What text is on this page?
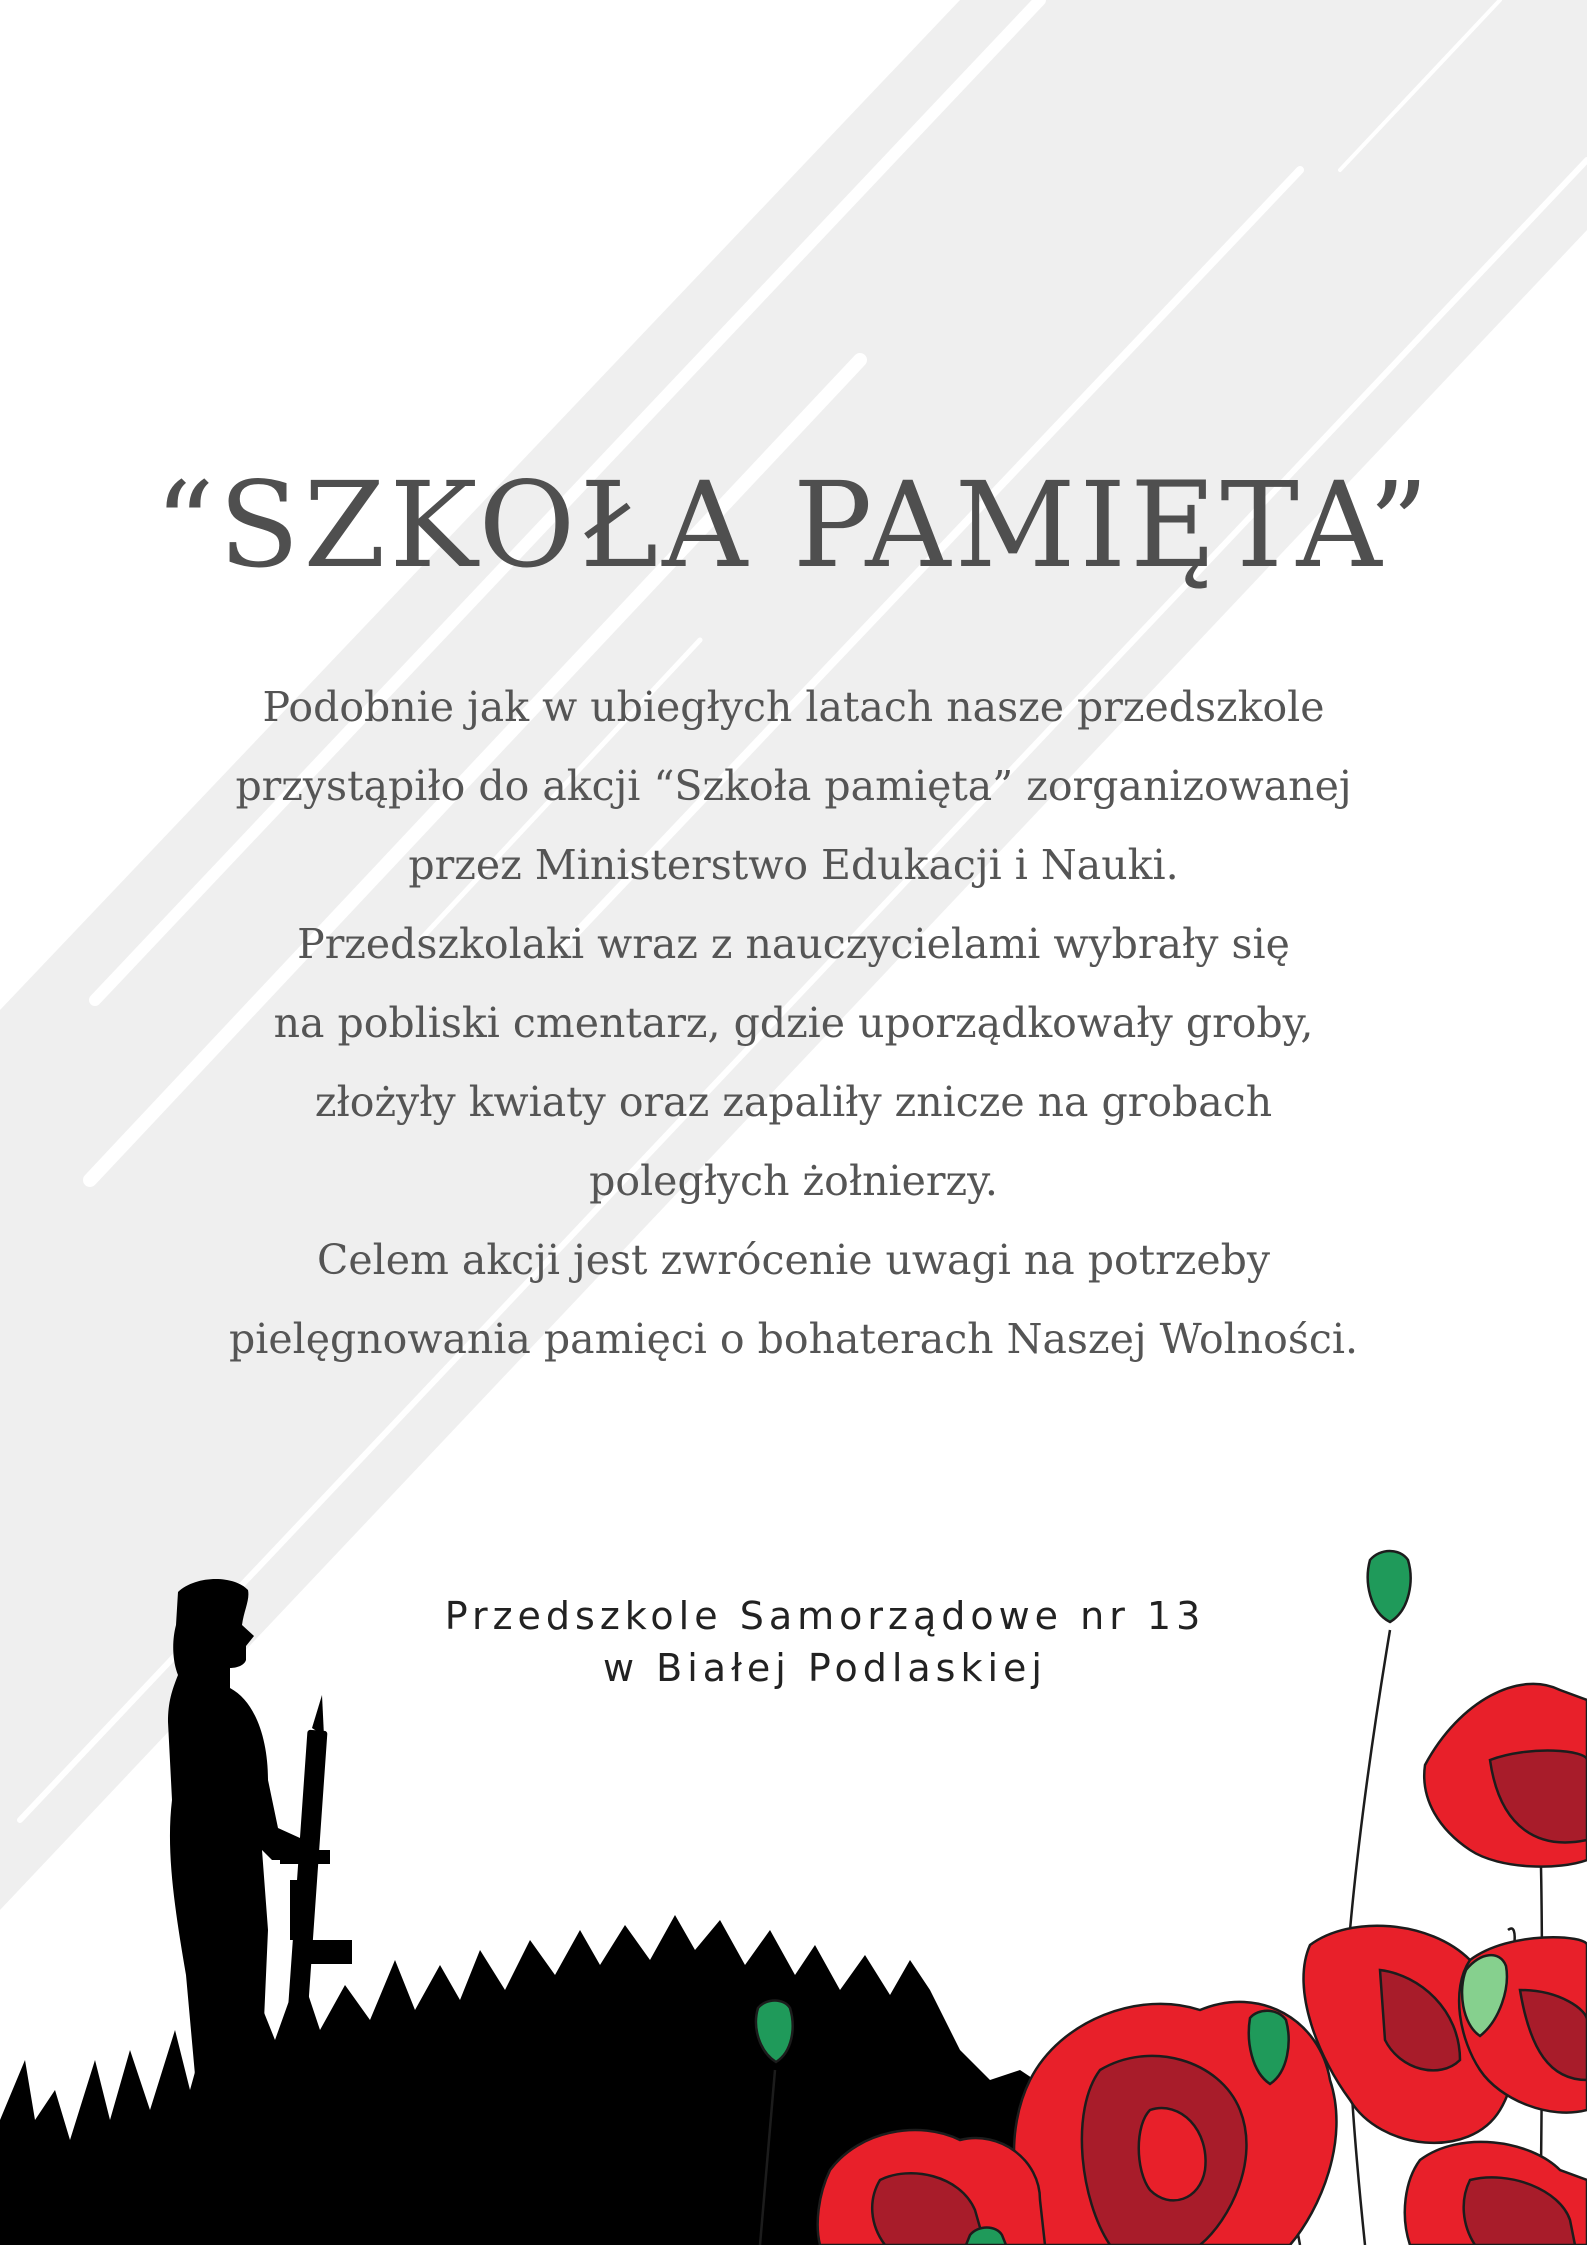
“SZKOŁA PAMIĘTA”
Podobnie jak w ubiegłych latach nasze przedszkole
przystąpiło do akcji “Szkoła pamięta” zorganizowanej
przez Ministerstwo Edukacji i Nauki.
Przedszkolaki wraz z nauczycielami wybrały się
na pobliski cmentarz, gdzie uporządkowały groby,
złożyły kwiaty oraz zapaliły znicze na grobach
poległych żołnierzy.
Celem akcji jest zwrócenie uwagi na potrzeby
pielęgnowania pamięci o bohaterach Naszej Wolności.
Przedszkole Samorządowe nr 13
w Białej Podlaskiej
